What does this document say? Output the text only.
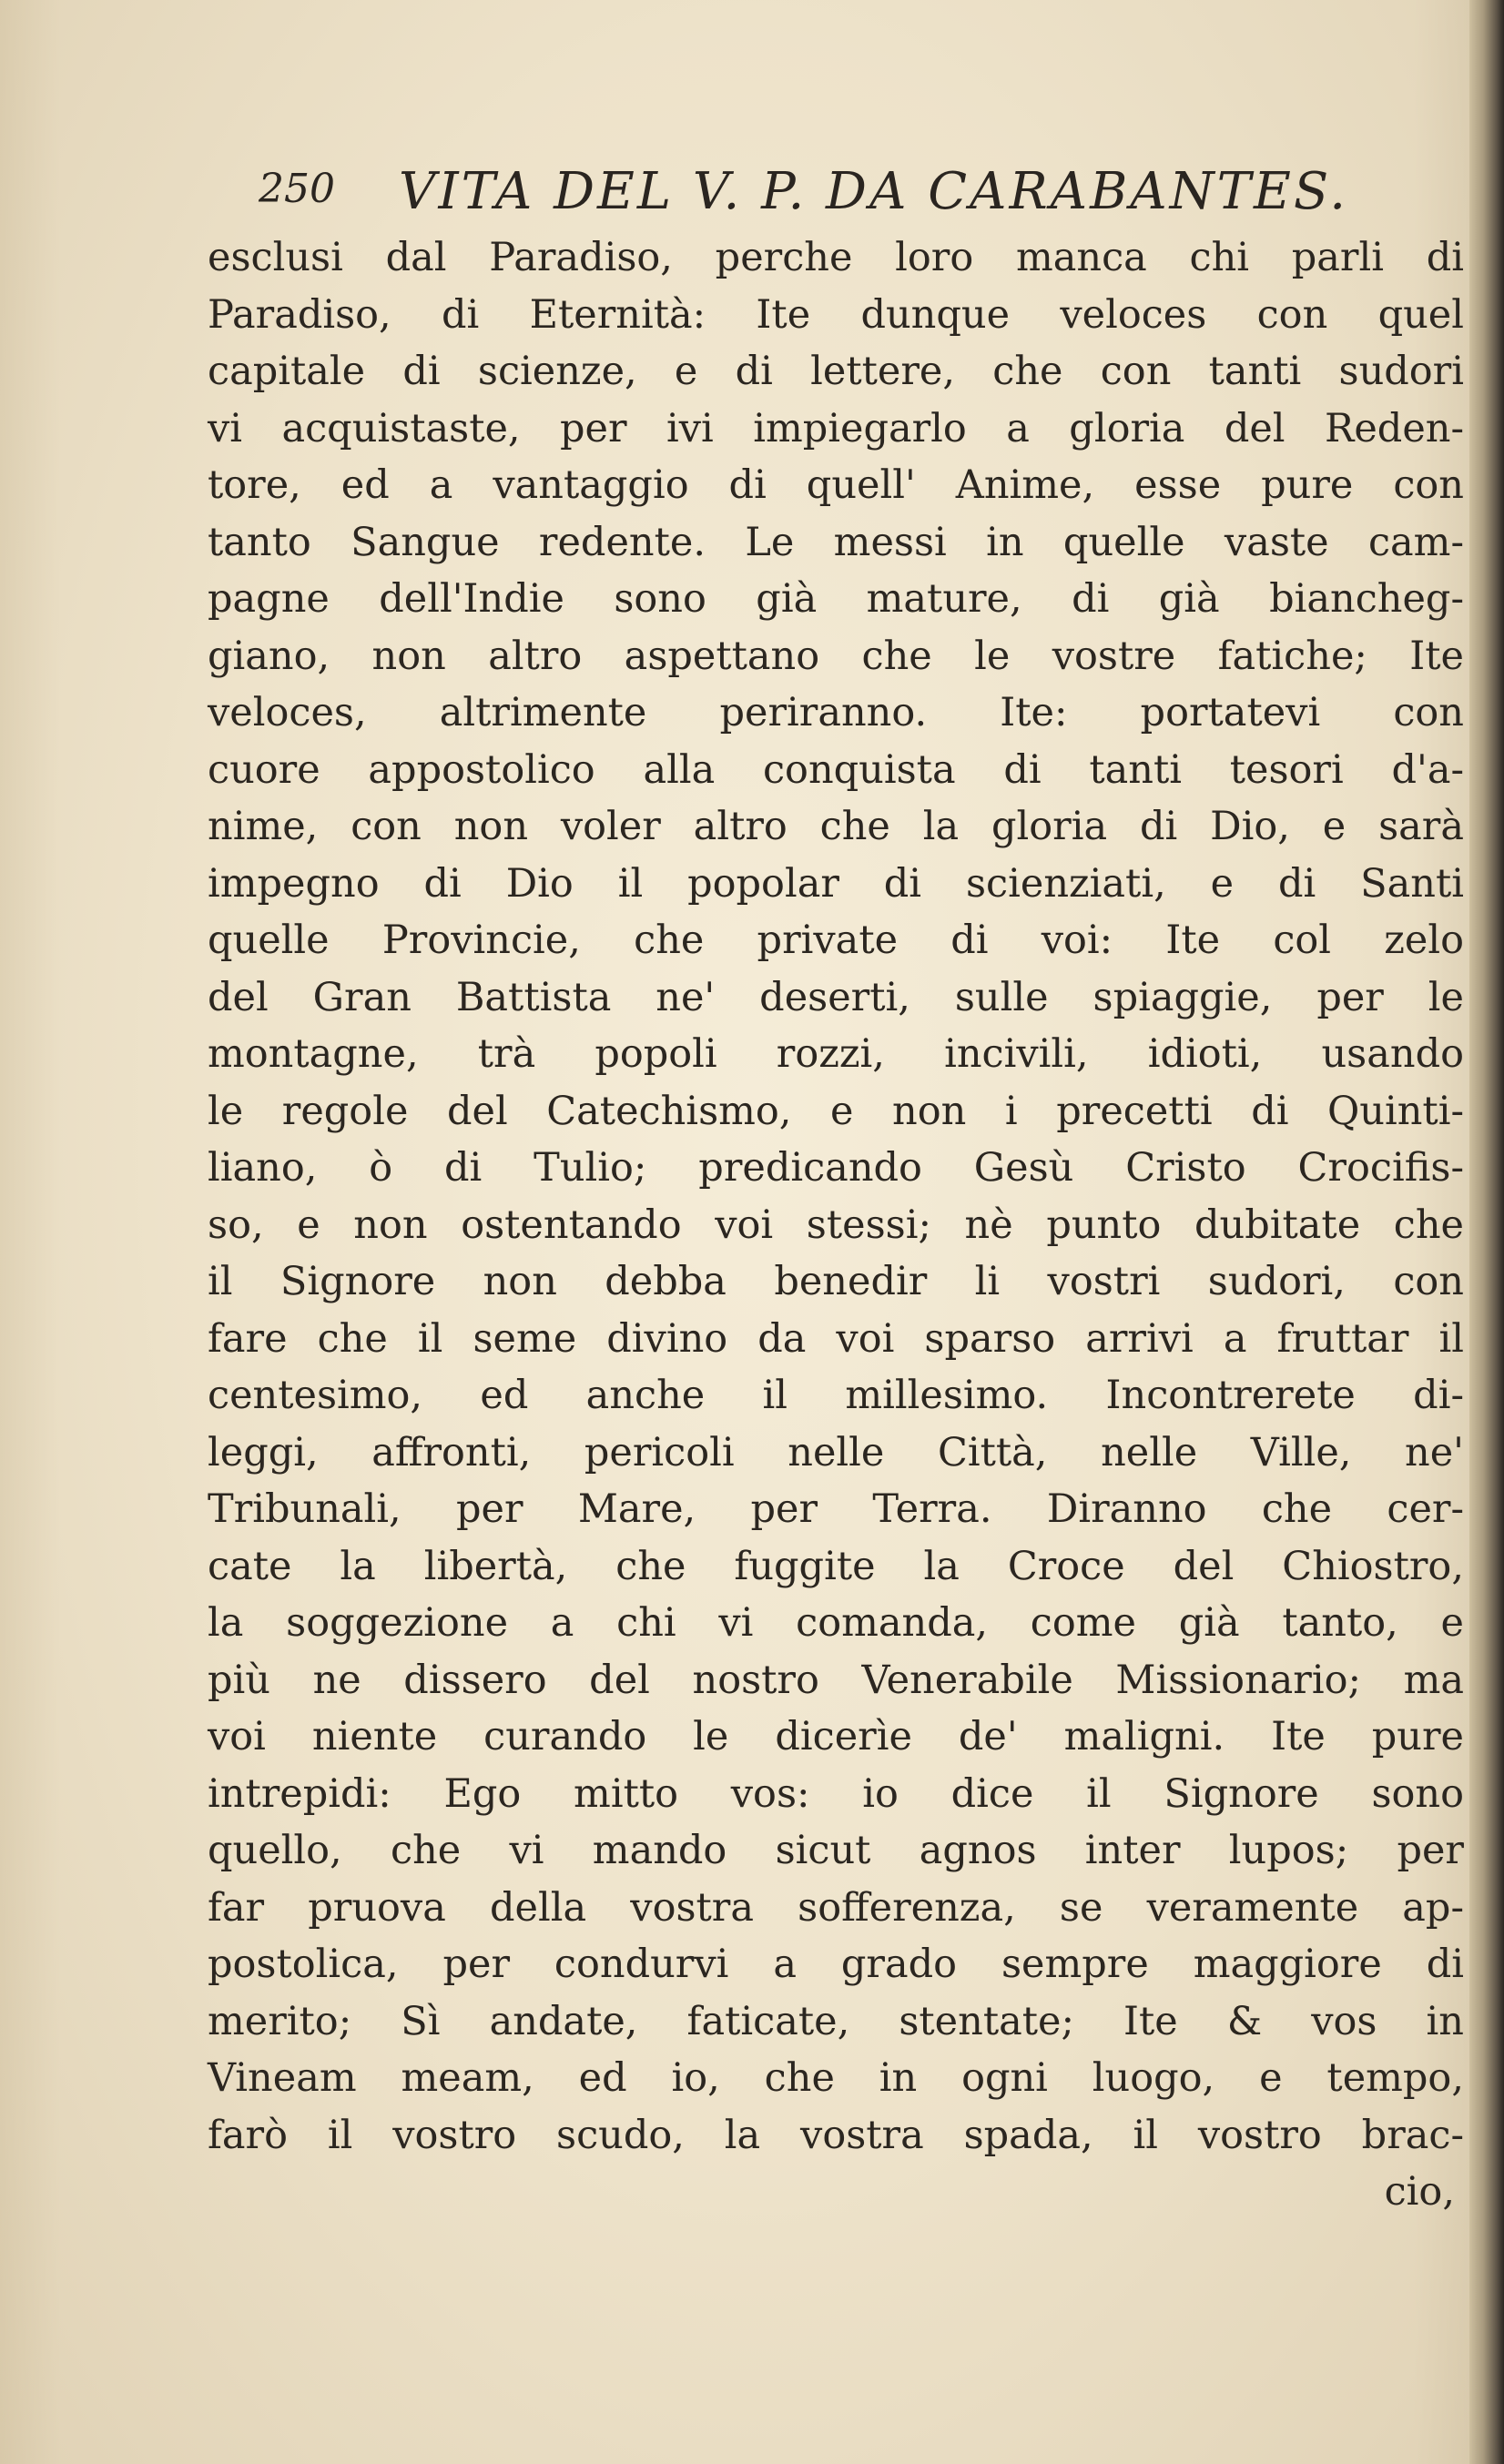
250 VITA DEL V. P. DA CARABANTES.
esclusi dal Paradiso, perche loro manca chi parli di
Paradiso, di Eternità: Ite dunque veloces con quel
capitale di scienze, e di lettere, che con tanti sudori
vi acquistaste, per ivi impiegarlo a gloria del Reden-
tore, ed a vantaggio di quell' Anime, esse pure con
tanto Sangue redente. Le messi in quelle vaste cam-
pagne dell'Indie sono già mature, di già biancheg-
giano, non altro aspettano che le vostre fatiche; Ite
veloces, altrimente periranno. Ite: portatevi con
cuore appostolico alla conquista di tanti tesori d'a-
nime, con non voler altro che la gloria di Dio, e sarà
impegno di Dio il popolar di scienziati, e di Santi
quelle Provincie, che private di voi: Ite col zelo
del Gran Battista ne' deserti, sulle spiaggie, per le
montagne, trà popoli rozzi, incivili, idioti, usando
le regole del Catechismo, e non i precetti di Quinti-
liano, ò di Tulio; predicando Gesù Cristo Crocifis-
so, e non ostentando voi stessi; nè punto dubitate che
il Signore non debba benedir li vostri sudori, con
fare che il seme divino da voi sparso arrivi a fruttar il
centesimo, ed anche il millesimo. Incontrerete di-
leggi, affronti, pericoli nelle Città, nelle Ville, ne'
Tribunali, per Mare, per Terra. Diranno che cer-
cate la libertà, che fuggite la Croce del Chiostro,
la soggezione a chi vi comanda, come già tanto, e
più ne dissero del nostro Venerabile Missionario; ma
voi niente curando le dicerìe de' maligni. Ite pure
intrepidi: Ego mitto vos: io dice il Signore sono
quello, che vi mando sicut agnos inter lupos; per
far pruova della vostra sofferenza, se veramente ap-
postolica, per condurvi a grado sempre maggiore di
merito; Sì andate, faticate, stentate; Ite & vos in
Vineam meam, ed io, che in ogni luogo, e tempo,
farò il vostro scudo, la vostra spada, il vostro brac-
cio,
